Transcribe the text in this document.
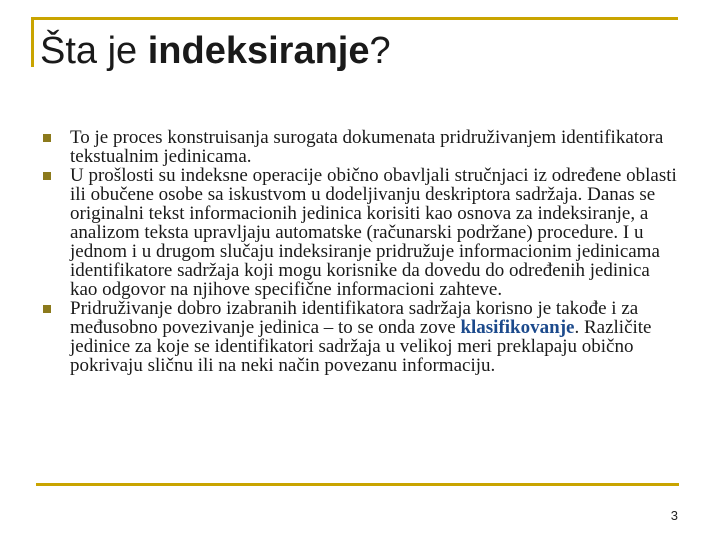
Šta je indeksiranje?
To je proces konstruisanja surogata dokumenata pridruživanjem identifikatora tekstualnim jedinicama.
U prošlosti su indeksne operacije obično obavljali stručnjaci iz određene oblasti ili obučene osobe sa iskustvom u dodeljivanju deskriptora sadržaja. Danas se originalni tekst informacionih jedinica korisiti kao osnova za indeksiranje, a analizom teksta upravljaju automatske (računarski podržane) procedure. I u jednom i u drugom slučaju indeksiranje pridružuje informacionim jedinicama identifikatore sadržaja koji mogu korisnike da dovedu do određenih jedinica kao odgovor na njihove specifične informacioni zahteve.
Pridruživanje dobro izabranih identifikatora sadržaja korisno je takođe i za međusobno povezivanje jedinica – to se onda zove klasifikovanje. Različite jedinice za koje se identifikatori sadržaja u velikoj meri preklapaju obično pokrivaju sličnu ili na neki način povezanu informaciju.
3
